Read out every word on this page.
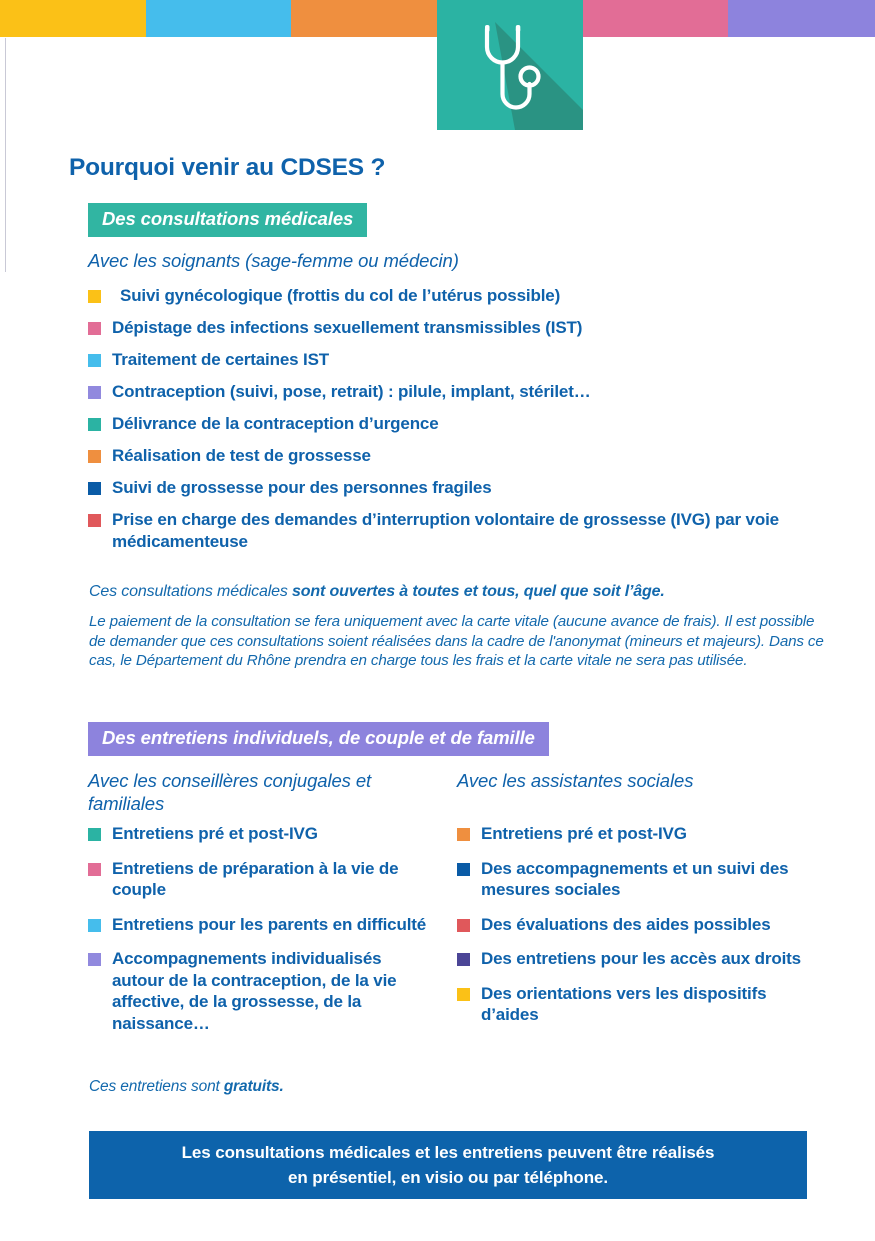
Pourquoi venir au CDSES ?
Des consultations médicales
Avec les soignants (sage-femme ou médecin)
Suivi gynécologique (frottis du col de l’utérus possible)
Dépistage des infections sexuellement transmissibles (IST)
Traitement de certaines IST
Contraception (suivi, pose, retrait) : pilule, implant, stérilet…
Délivrance de la contraception d’urgence
Réalisation de test de grossesse
Suivi de grossesse pour des personnes fragiles
Prise en charge des demandes d’interruption volontaire de grossesse (IVG) par voie médicamenteuse
Ces consultations médicales sont ouvertes à toutes et tous, quel que soit l’âge.
Le paiement de la consultation se fera uniquement avec la carte vitale (aucune avance de frais). Il est possible de demander que ces consultations soient réalisées dans la cadre de l'anonymat (mineurs et majeurs). Dans ce cas, le Département du Rhône prendra en charge tous les frais et la carte vitale ne sera pas utilisée.
Des entretiens individuels, de couple et de famille
Avec les conseillères conjugales et familiales
Avec les assistantes sociales
Entretiens pré et post-IVG
Entretiens de préparation à la vie de couple
Entretiens pour les parents en difficulté
Accompagnements individualisés autour de la contraception, de la vie affective, de la grossesse, de la naissance…
Entretiens pré et post-IVG
Des accompagnements et un suivi des mesures sociales
Des évaluations des aides possibles
Des entretiens pour les accès aux droits
Des orientations vers les dispositifs d’aides
Ces entretiens sont gratuits.
Les consultations médicales et les entretiens peuvent être réalisés
en présentiel, en visio ou par téléphone.
